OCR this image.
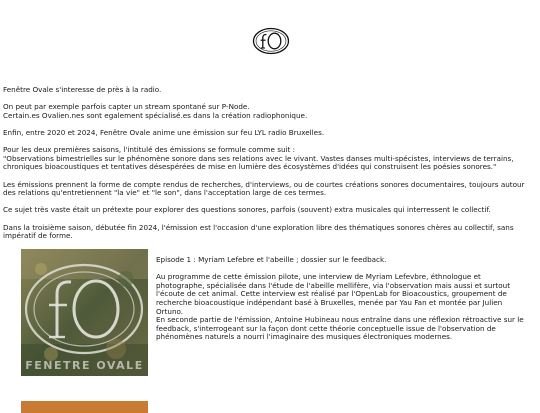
Fenêtre Ovale s'interesse de près à la radio.

On peut par exemple parfois capter un stream spontané sur P-Node.

Certain.es Ovalien.nes sont egalement spécialisé.es dans la création radiophonique.

Enfin, entre 2020 et 2024, Fenêtre Ovale anime une émission sur feu LYL radio Bruxelles.

Pour les deux premières saisons, l'intitulé des émissions se formule comme suit :

"Observations bimestrielles sur le phénomène sonore dans ses relations avec le vivant. Vastes danses multi-spécistes, interviews de terrains, chroniques bioacoustiques et tentatives désespérées de mise en lumière des écosystèmes d'idées qui construisent les poésies sonores."

Les émissions prennent la forme de compte rendus de recherches, d'interviews, ou de courtes créations sonores documentaires, toujours autour des relations qu'entretiennent "la vie" et "le son", dans l'acceptation large de ces termes.

Ce sujet très vaste était un prétexte pour explorer des questions sonores, parfois (souvent) extra musicales qui interressent le collectif.

Dans la troisième saison, débutée fin 2024, l'émission est l'occasion d'une exploration libre des thématiques sonores chères au collectif, sans impératif de forme.

FENETRE OVALE

Episode 1 : Myriam Lefebre et l'abeille ; dossier sur le feedback.

Au programme de cette émission pilote, une interview de Myriam Lefevbre, éthnologue et photographe, spécialisée dans l'étude de l'abeille mellifère, via l'observation mais aussi et surtout l'écoute de cet animal. Cette interview est réalisé par l'OpenLab for Bioacoustics, groupement de recherche bioacoustique indépendant basé à Bruxelles, menée par Yau Fan et montée par Julien Ortuno.

En seconde partie de l'émission, Antoine Hubineau nous entraîne dans une réflexion rétroactive sur le feedback, s'interrogeant sur la façon dont cette théorie conceptuelle issue de l'observation de phénomènes naturels a nourri l'imaginaire des musiques électroniques modernes.
